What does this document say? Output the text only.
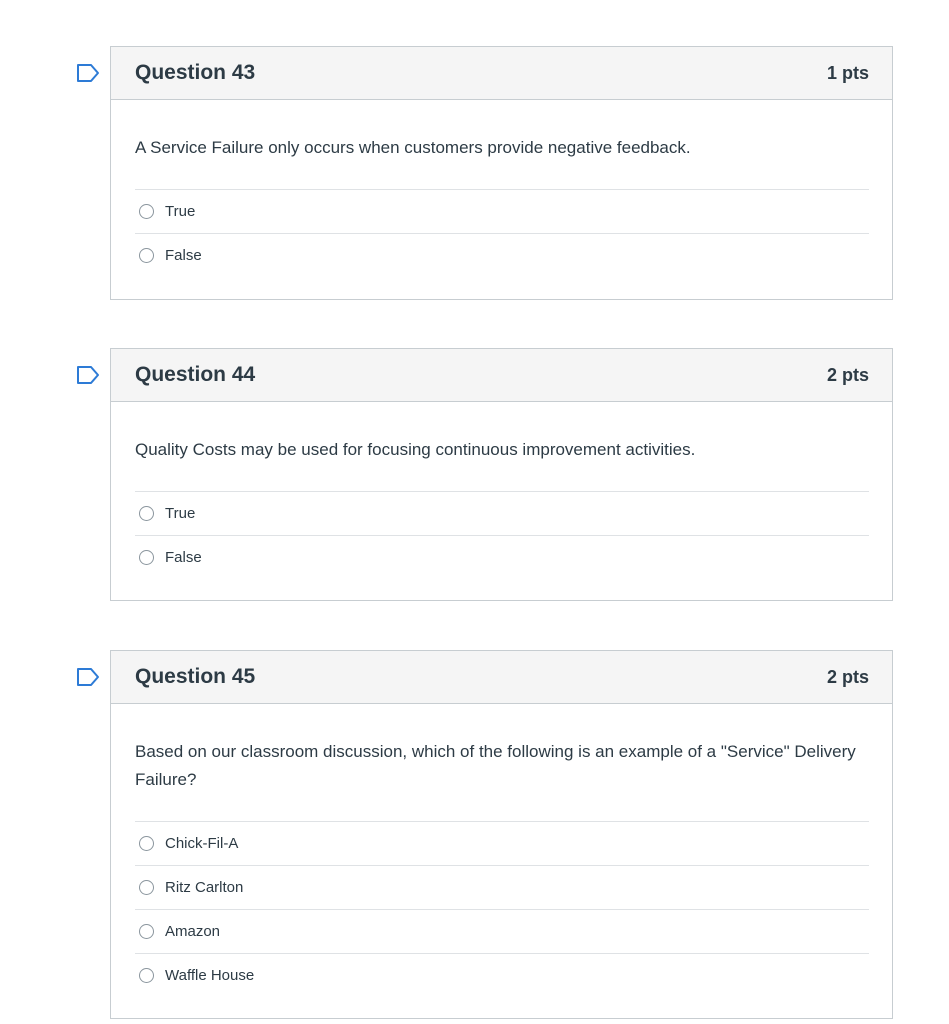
Question 43	1 pts

A Service Failure only occurs when customers provide negative feedback.

True
False
Question 44	2 pts

Quality Costs may be used for focusing continuous improvement activities.

True
False
Question 45	2 pts

Based on our classroom discussion, which of the following is an example of a "Service" Delivery Failure?

Chick-Fil-A
Ritz Carlton
Amazon
Waffle House
